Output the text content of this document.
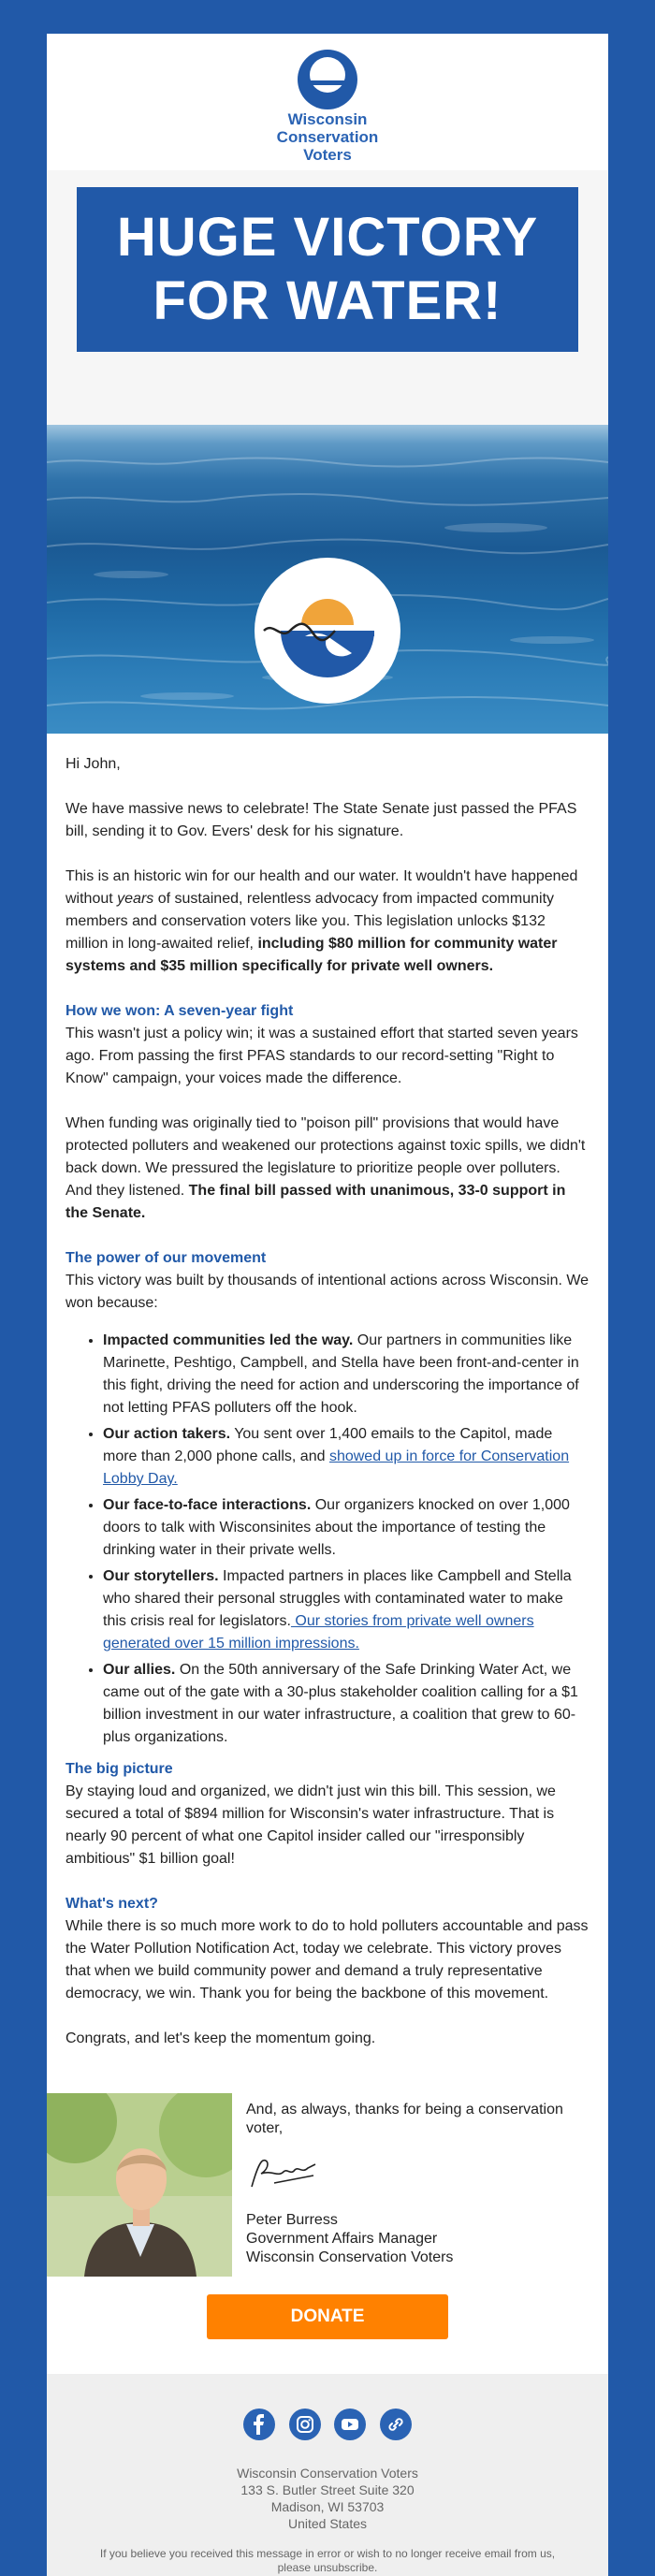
Wisconsin
Conservation
Voters
HUGE VICTORY
FOR WATER!

Hi John,

We have massive news to celebrate! The State Senate just passed the PFAS bill, sending it to Gov. Evers' desk for his signature.

This is an historic win for our health and our water. It wouldn't have happened without years of sustained, relentless advocacy from impacted community members and conservation voters like you. This legislation unlocks $132 million in long-awaited relief, including $80 million for community water systems and $35 million specifically for private well owners.

How we won: A seven-year fight

This wasn't just a policy win; it was a sustained effort that started seven years ago. From passing the first PFAS standards to our record-setting "Right to Know" campaign, your voices made the difference.

When funding was originally tied to "poison pill" provisions that would have protected polluters and weakened our protections against toxic spills, we didn't back down. We pressured the legislature to prioritize people over polluters. And they listened. The final bill passed with unanimous, 33-0 support in the Senate.

The power of our movement

This victory was built by thousands of intentional actions across Wisconsin. We won because:

• Impacted communities led the way. Our partners in communities like Marinette, Peshtigo, Campbell, and Stella have been front-and-center in this fight, driving the need for action and underscoring the importance of not letting PFAS polluters off the hook.
• Our action takers. You sent over 1,400 emails to the Capitol, made more than 2,000 phone calls, and showed up in force for Conservation Lobby Day.
• Our face-to-face interactions. Our organizers knocked on over 1,000 doors to talk with Wisconsinites about the importance of testing the drinking water in their private wells.
• Our storytellers. Impacted partners in places like Campbell and Stella who shared their personal struggles with contaminated water to make this crisis real for legislators. Our stories from private well owners generated over 15 million impressions.
• Our allies. On the 50th anniversary of the Safe Drinking Water Act, we came out of the gate with a 30-plus stakeholder coalition calling for a $1 billion investment in our water infrastructure, a coalition that grew to 60-plus organizations.
The big picture

By staying loud and organized, we didn't just win this bill. This session, we secured a total of $894 million for Wisconsin's water infrastructure. That is nearly 90 percent of what one Capitol insider called our "irresponsibly ambitious" $1 billion goal!

What's next?

While there is so much more work to do to hold polluters accountable and pass the Water Pollution Notification Act, today we celebrate. This victory proves that when we build community power and demand a truly representative democracy, we win. Thank you for being the backbone of this movement.

Congrats, and let's keep the momentum going.

And, as always, thanks for being a conservation voter,
Peter Burress
Government Affairs Manager
Wisconsin Conservation Voters
DONATE

Wisconsin Conservation Voters
133 S. Butler Street Suite 320
Madison, WI 53703
United States
If you believe you received this message in error or wish to no longer receive email from us, please unsubscribe.
